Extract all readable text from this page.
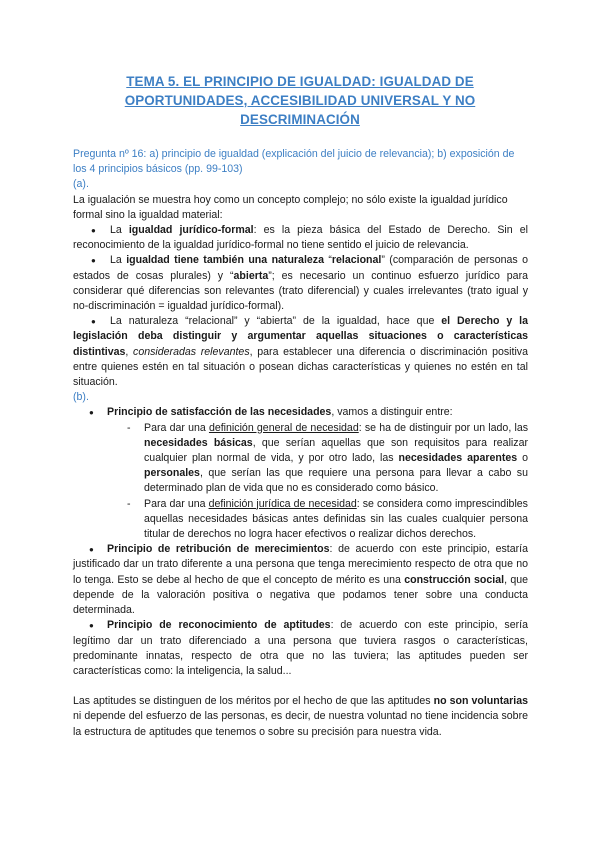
TEMA 5. EL PRINCIPIO DE IGUALDAD: IGUALDAD DE OPORTUNIDADES, ACCESIBILIDAD UNIVERSAL Y NO DESCRIMINACIÓN

Pregunta nº 16: a) principio de igualdad (explicación del juicio de relevancia); b) exposición de los 4 principios básicos (pp. 99-103)

(a).

La igualación se muestra hoy como un concepto complejo; no sólo existe la igualdad jurídico formal sino la igualdad material:

● La igualdad jurídico-formal: es la pieza básica del Estado de Derecho. Sin el reconocimiento de la igualdad jurídico-formal no tiene sentido el juicio de relevancia.

● La igualdad tiene también una naturaleza “relacional” (comparación de personas o estados de cosas plurales) y “abierta”; es necesario un continuo esfuerzo jurídico para considerar qué diferencias son relevantes (trato diferencial) y cuales irrelevantes (trato igual y no-discriminación = igualdad jurídico-formal).

● La naturaleza “relacional” y “abierta” de la igualdad, hace que el Derecho y la legislación deba distinguir y argumentar aquellas situaciones o características distintivas, consideradas relevantes, para establecer una diferencia o discriminación positiva entre quienes estén en tal situación o posean dichas características y quienes no estén en tal situación.

(b).

● Principio de satisfacción de las necesidades, vamos a distinguir entre:

- Para dar una definición general de necesidad: se ha de distinguir por un lado, las necesidades básicas, que serían aquellas que son requisitos para realizar cualquier plan normal de vida, y por otro lado, las necesidades aparentes o personales, que serían las que requiere una persona para llevar a cabo su determinado plan de vida que no es considerado como básico.

- Para dar una definición jurídica de necesidad: se considera como imprescindibles aquellas necesidades básicas antes definidas sin las cuales cualquier persona titular de derechos no logra hacer efectivos o realizar dichos derechos.

● Principio de retribución de merecimientos: de acuerdo con este principio, estaría justificado dar un trato diferente a una persona que tenga merecimiento respecto de otra que no lo tenga. Esto se debe al hecho de que el concepto de mérito es una construcción social, que depende de la valoración positiva o negativa que podamos tener sobre una conducta determinada.

● Principio de reconocimiento de aptitudes: de acuerdo con este principio, sería legítimo dar un trato diferenciado a una persona que tuviera rasgos o características, predominante innatas, respecto de otra que no las tuviera; las aptitudes pueden ser características como: la inteligencia, la salud...

Las aptitudes se distinguen de los méritos por el hecho de que las aptitudes no son voluntarias ni depende del esfuerzo de las personas, es decir, de nuestra voluntad no tiene incidencia sobre la estructura de aptitudes que tenemos o sobre su precisión para nuestra vida.
